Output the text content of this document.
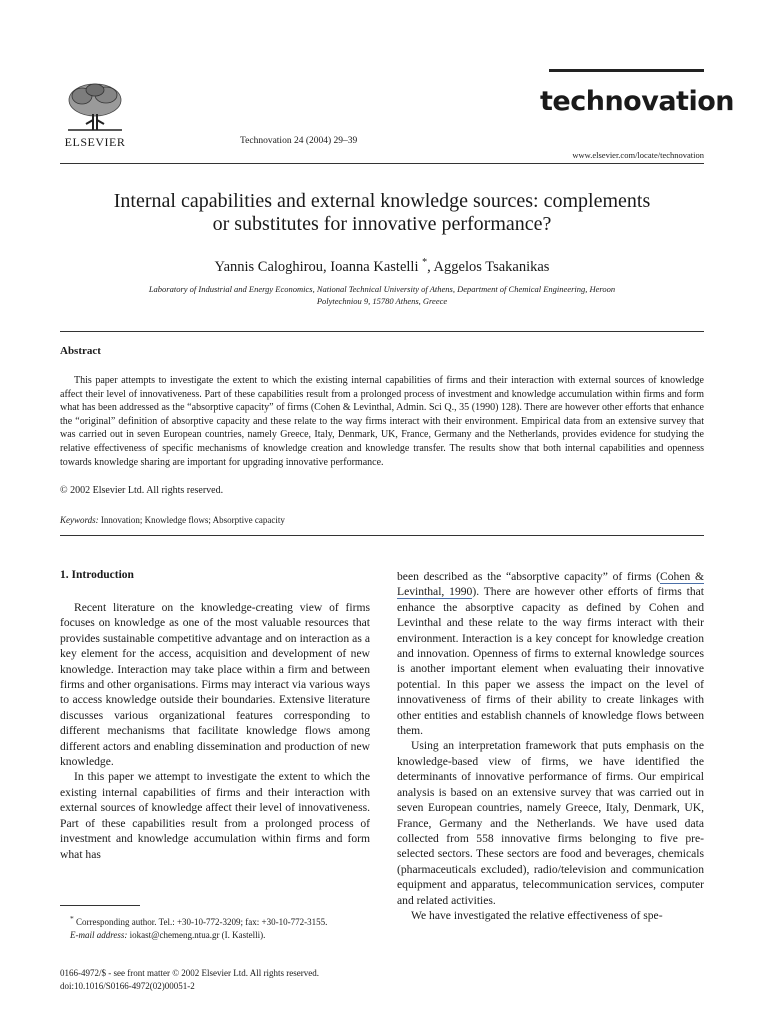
ELSEVIER	Technovation 24 (2004) 29–39
technovation
www.elsevier.com/locate/technovation
Internal capabilities and external knowledge sources: complements
or substitutes for innovative performance?
Yannis Caloghirou, Ioanna Kastelli *, Aggelos Tsakanikas
Laboratory of Industrial and Energy Economics, National Technical University of Athens, Department of Chemical Engineering, Heroon
Polytechniou 9, 15780 Athens, Greece
Abstract
This paper attempts to investigate the extent to which the existing internal capabilities of firms and their interaction with external sources of knowledge affect their level of innovativeness. Part of these capabilities result from a prolonged process of investment and knowledge accumulation within firms and form what has been addressed as the “absorptive capacity” of firms (Cohen & Levinthal, Admin. Sci Q., 35 (1990) 128). There are however other efforts that enhance the “original” definition of absorptive capacity and these relate to the way firms interact with their environment. Empirical data from an extensive survey that was carried out in seven European countries, namely Greece, Italy, Denmark, UK, France, Germany and the Netherlands, provides evidence for studying the relative effectiveness of specific mechanisms of knowledge creation and knowledge transfer. The results show that both internal capabilities and openness towards knowledge sharing are important for upgrading innovative performance.
© 2002 Elsevier Ltd. All rights reserved.
Keywords: Innovation; Knowledge flows; Absorptive capacity
1. Introduction

Recent literature on the knowledge-creating view of firms focuses on knowledge as one of the most valuable resources that provides sustainable competitive advantage and on interaction as a key element for the access, acquisition and development of new knowledge. Interaction may take place within a firm and between firms and other organisations. Firms may interact via various ways to access knowledge outside their boundaries. Extensive literature discusses various organizational features corresponding to different mechanisms that facilitate knowledge flows among different actors and enabling dissemination and production of new knowledge.

In this paper we attempt to investigate the extent to which the existing internal capabilities of firms and their interaction with external sources of knowledge affect their level of innovativeness. Part of these capabilities result from a prolonged process of investment and knowledge accumulation within firms and form what has

been described as the “absorptive capacity” of firms (Cohen & Levinthal, 1990). There are however other efforts of firms that enhance the absorptive capacity as defined by Cohen and Levinthal and these relate to the way firms interact with their environment. Interaction is a key concept for knowledge creation and innovation. Openness of firms to external knowledge sources is another important element when evaluating their innovative potential. In this paper we assess the impact on the level of innovativeness of firms of their ability to create linkages with other entities and establish channels of knowledge flows between them.

Using an interpretation framework that puts emphasis on the knowledge-based view of firms, we have identified the determinants of innovative performance of firms. Our empirical analysis is based on an extensive survey that was carried out in seven European countries, namely Greece, Italy, Denmark, UK, France, Germany and the Netherlands. We have used data collected from 558 innovative firms belonging to five pre-selected sectors. These sectors are food and beverages, chemicals (pharmaceuticals excluded), radio/television and communication equipment and apparatus, telecommunication services, computer and related activities.

We have investigated the relative effectiveness of spe-

* Corresponding author. Tel.: +30-10-772-3209; fax: +30-10-772-3155.

E-mail address: iokast@chemeng.ntua.gr (I. Kastelli).

0166-4972/$ - see front matter © 2002 Elsevier Ltd. All rights reserved.
doi:10.1016/S0166-4972(02)00051-2
